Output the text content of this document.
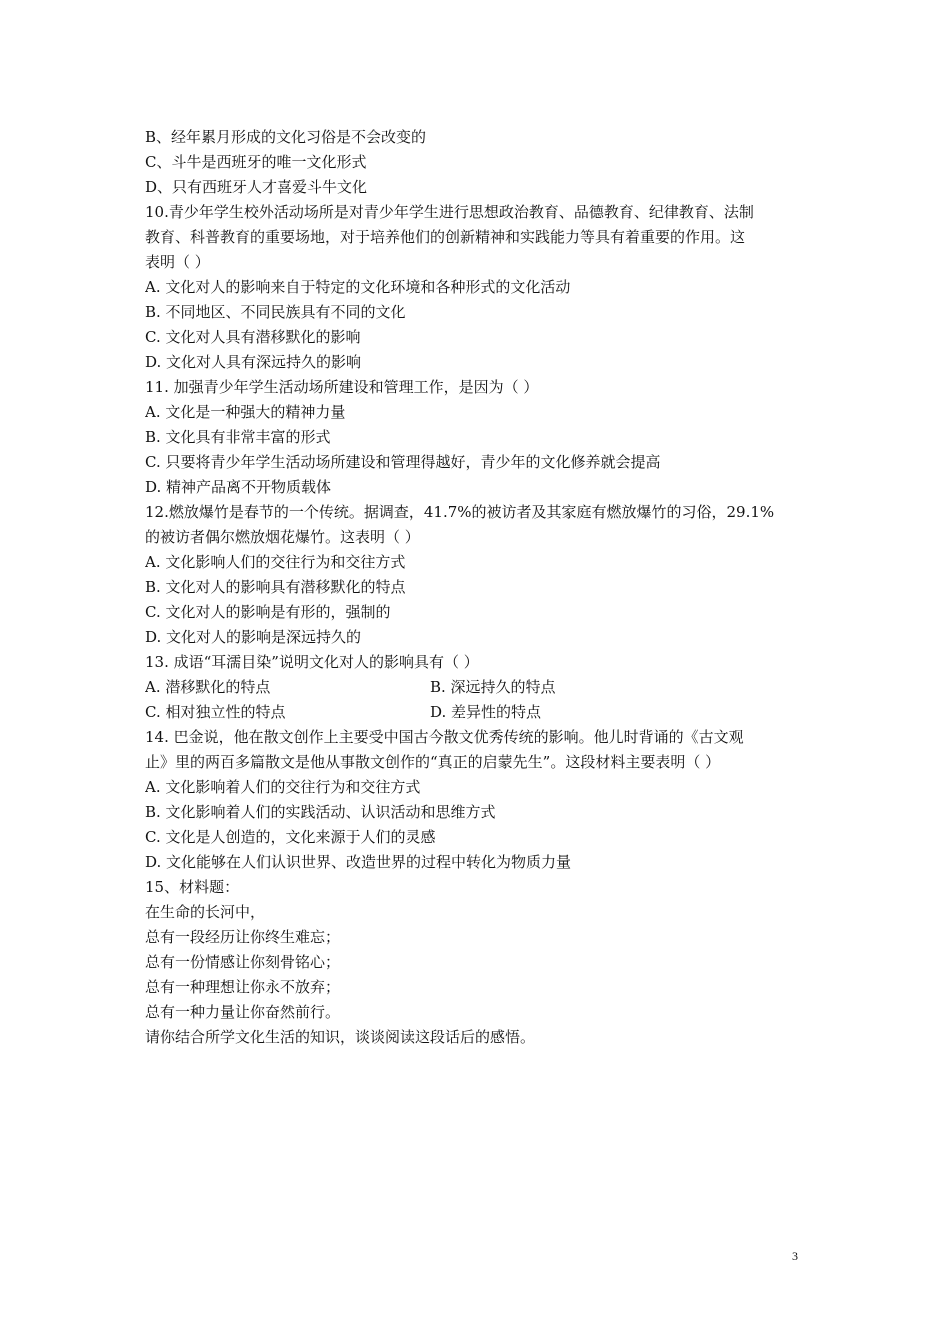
B、经年累月形成的文化习俗是不会改变的
C、斗牛是西班牙的唯一文化形式
D、只有西班牙人才喜爱斗牛文化
10.青少年学生校外活动场所是对青少年学生进行思想政治教育、品德教育、纪律教育、法制
教育、科普教育的重要场地，对于培养他们的创新精神和实践能力等具有着重要的作用。这
表明（ ）
A. 文化对人的影响来自于特定的文化环境和各种形式的文化活动
B. 不同地区、不同民族具有不同的文化
C. 文化对人具有潜移默化的影响
D. 文化对人具有深远持久的影响
11. 加强青少年学生活动场所建设和管理工作，是因为（ ）
A. 文化是一种强大的精神力量
B. 文化具有非常丰富的形式
C. 只要将青少年学生活动场所建设和管理得越好，青少年的文化修养就会提高
D. 精神产品离不开物质载体
12.燃放爆竹是春节的一个传统。据调查，41.7%的被访者及其家庭有燃放爆竹的习俗，29.1%
的被访者偶尔燃放烟花爆竹。这表明（ ）
A. 文化影响人们的交往行为和交往方式
B. 文化对人的影响具有潜移默化的特点
C. 文化对人的影响是有形的，强制的
D. 文化对人的影响是深远持久的
13. 成语“耳濡目染”说明文化对人的影响具有（ ）
A. 潜移默化的特点	B. 深远持久的特点
C. 相对独立性的特点	D. 差异性的特点
14. 巴金说，他在散文创作上主要受中国古今散文优秀传统的影响。他儿时背诵的《古文观
止》里的两百多篇散文是他从事散文创作的“真正的启蒙先生”。这段材料主要表明（ ）
A. 文化影响着人们的交往行为和交往方式
B. 文化影响着人们的实践活动、认识活动和思维方式
C. 文化是人创造的，文化来源于人们的灵感
D. 文化能够在人们认识世界、改造世界的过程中转化为物质力量
15、材料题：
在生命的长河中，
总有一段经历让你终生难忘；
总有一份情感让你刻骨铭心；
总有一种理想让你永不放弃；
总有一种力量让你奋然前行。
请你结合所学文化生活的知识，谈谈阅读这段话后的感悟。
3
